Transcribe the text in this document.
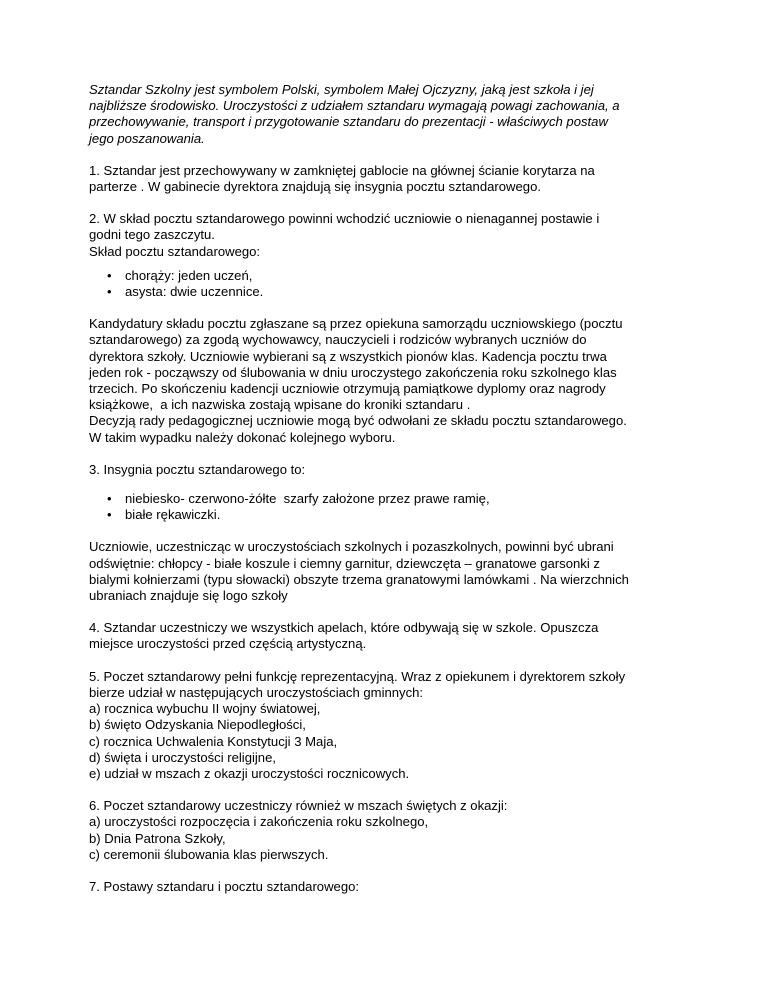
Sztandar Szkolny jest symbolem Polski, symbolem Małej Ojczyzny, jaką jest szkoła i jej
najbliższe środowisko. Uroczystości z udziałem sztandaru wymagają powagi zachowania, a
przechowywanie, transport i przygotowanie sztandaru do prezentacji - właściwych postaw
jego poszanowania.
1. Sztandar jest przechowywany w zamkniętej gablocie na głównej ścianie korytarza na
parterze . W gabinecie dyrektora znajdują się insygnia pocztu sztandarowego.
2. W skład pocztu sztandarowego powinni wchodzić uczniowie o nienagannej postawie i
godni tego zaszczytu.
Skład pocztu sztandarowego:
• chorąży: jeden uczeń,
• asysta: dwie uczennice.
Kandydatury składu pocztu zgłaszane są przez opiekuna samorządu uczniowskiego (pocztu
sztandarowego) za zgodą wychowawcy, nauczycieli i rodziców wybranych uczniów do
dyrektora szkoły. Uczniowie wybierani są z wszystkich pionów klas. Kadencja pocztu trwa
jeden rok - począwszy od ślubowania w dniu uroczystego zakończenia roku szkolnego klas
trzecich. Po skończeniu kadencji uczniowie otrzymują pamiątkowe dyplomy oraz nagrody
książkowe,  a ich nazwiska zostają wpisane do kroniki sztandaru .
Decyzją rady pedagogicznej uczniowie mogą być odwołani ze składu pocztu sztandarowego.
W takim wypadku należy dokonać kolejnego wyboru.
3. Insygnia pocztu sztandarowego to:
• niebiesko- czerwono-żółte  szarfy założone przez prawe ramię,
• białe rękawiczki.
Uczniowie, uczestnicząc w uroczystościach szkolnych i pozaszkolnych, powinni być ubrani
odświętnie: chłopcy - białe koszule i ciemny garnitur, dziewczęta – granatowe garsonki z
bialymi kołnierzami (typu słowacki) obszyte trzema granatowymi lamówkami . Na wierzchnich
ubraniach znajduje się logo szkoły
4. Sztandar uczestniczy we wszystkich apelach, które odbywają się w szkole. Opuszcza
miejsce uroczystości przed częścią artystyczną.
5. Poczet sztandarowy pełni funkcję reprezentacyjną. Wraz z opiekunem i dyrektorem szkoły
bierze udział w następujących uroczystościach gminnych:
a) rocznica wybuchu II wojny światowej,
b) święto Odzyskania Niepodległości,
c) rocznica Uchwalenia Konstytucji 3 Maja,
d) święta i uroczystości religijne,
e) udział w mszach z okazji uroczystości rocznicowych.
6. Poczet sztandarowy uczestniczy również w mszach świętych z okazji:
a) uroczystości rozpoczęcia i zakończenia roku szkolnego,
b) Dnia Patrona Szkoły,
c) ceremonii ślubowania klas pierwszych.
7. Postawy sztandaru i pocztu sztandarowego:
